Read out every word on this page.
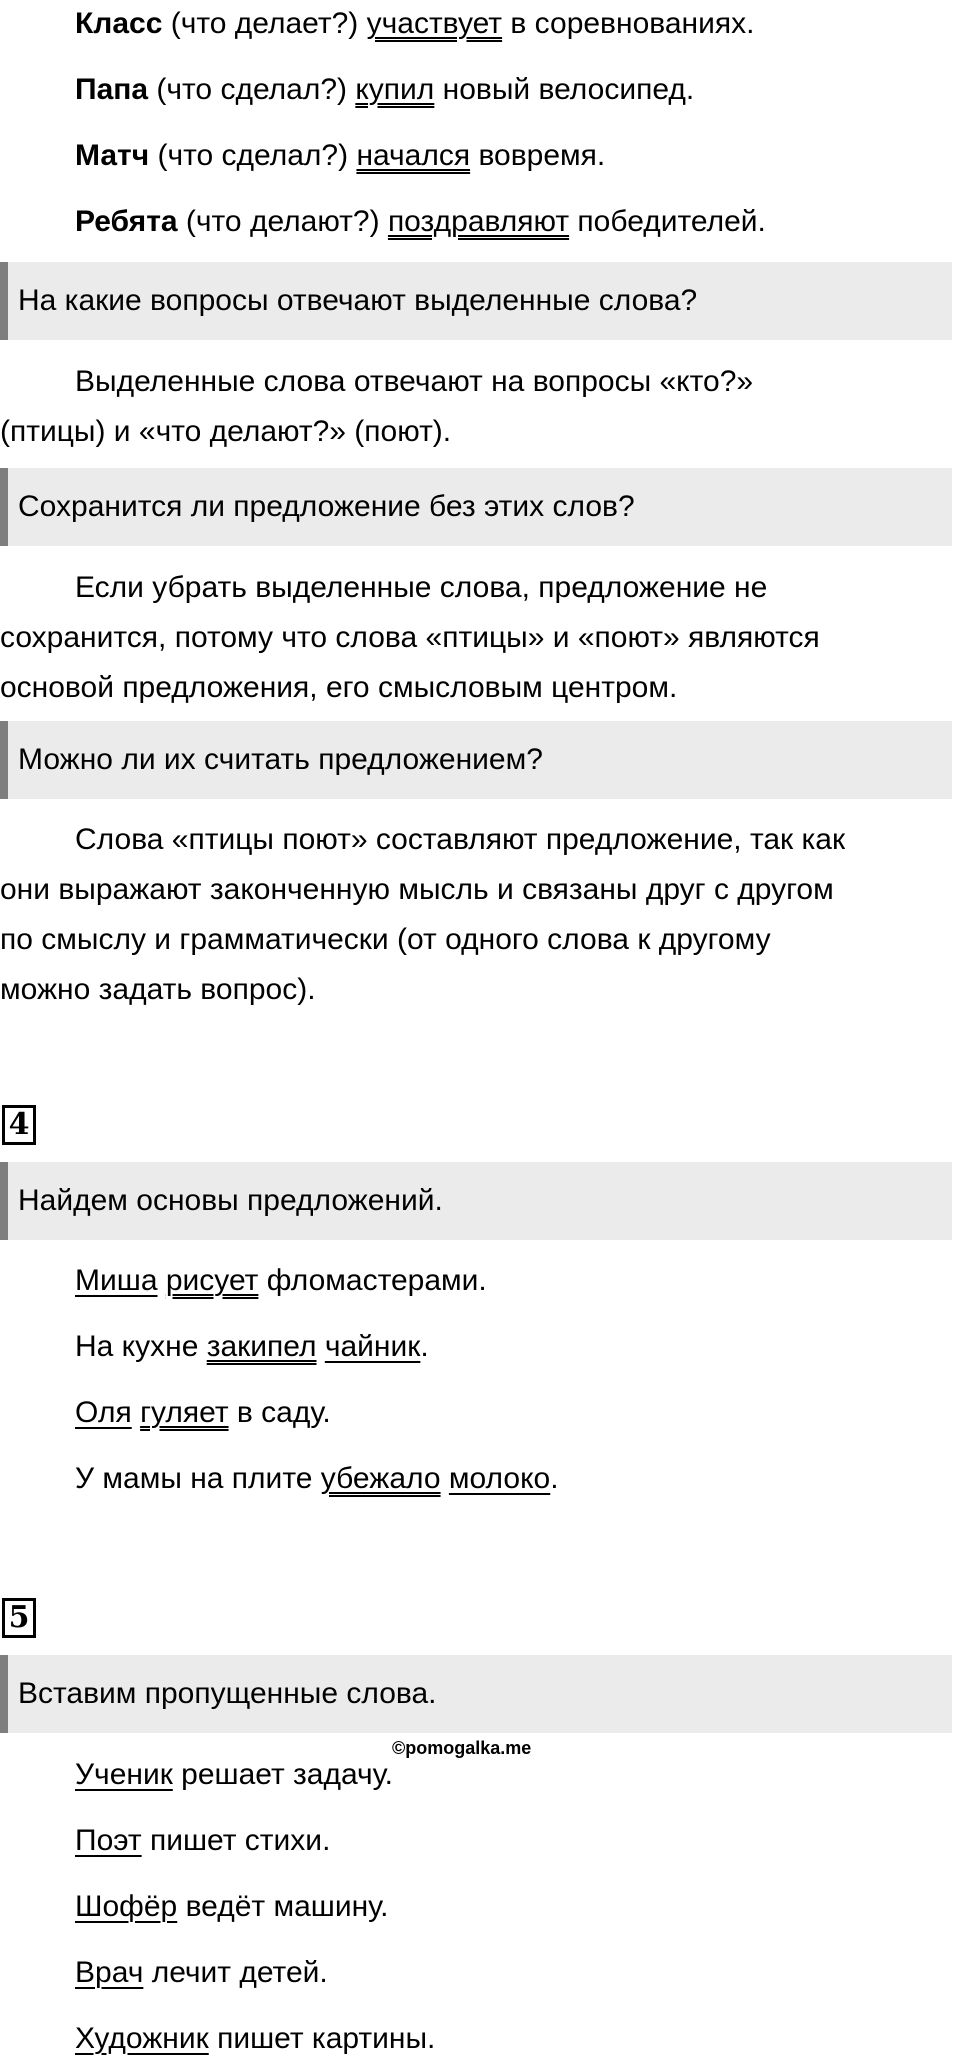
Класс (что делает?) участвует в соревнованиях.
Папа (что сделал?) купил новый велосипед.
Матч (что сделал?) начался вовремя.
Ребята (что делают?) поздравляют победителей.
На какие вопросы отвечают выделенные слова?
Выделенные слова отвечают на вопросы «кто?»
(птицы) и «что делают?» (поют).
Сохранится ли предложение без этих слов?
Если убрать выделенные слова, предложение не
сохранится, потому что слова «птицы» и «поют» являются
основой предложения, его смысловым центром.
Можно ли их считать предложением?
Слова «птицы поют» составляют предложение, так как
они выражают законченную мысль и связаны друг с другом
по смыслу и грамматически (от одного слова к другому
можно задать вопрос).
4
Найдем основы предложений.
Миша рисует фломастерами.
На кухне закипел чайник.
Оля гуляет в саду.
У мамы на плите убежало молоко.
5
Вставим пропущенные слова.
©pomogalka.me
Ученик решает задачу.
Поэт пишет стихи.
Шофёр ведёт машину.
Врач лечит детей.
Художник пишет картины.
